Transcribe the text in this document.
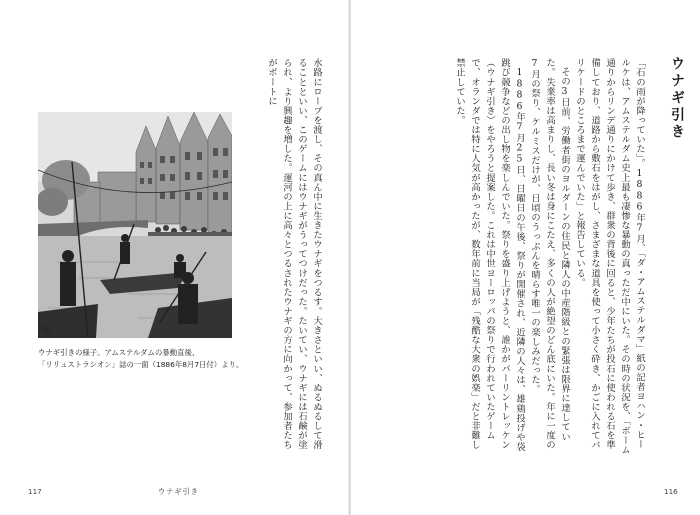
Pb.
ウナギ引きの様子。アムステルダムの暴動直後、
「リリュストラシオン」誌の一面（1886年8月7日付）より。	水路にロープを渡し、その真ん中に生きたウナギをつるす。大きさといい、ぬるぬるして滑ることといい、このゲームにはウナギがうってつけだった。たいてい、ウナギには石鹸が塗られ、より興趣を増した。運河の上に高々とつるされたウナギの方に向かって、参加者たちがボートに

117	ウナギ引き
ウナギ引き

「石の雨が降っていた」。1886年7月、「ダ・アムステルダマ」紙の記者ヨハン・ヒールケは、アムステルダム史上最も凄惨な暴動の真っただ中にいた。その時の状況を、「ボーム通りからリンデ通りにかけて歩き、群衆の背後に回ると、少年たちが投石に使われる石を準備しており、道路から敷石をはがし、さまざまな道具を使って小さく砕き、かごに入れてバリケードのところまで運んでいた」と報告している。

その3日前、労働者街のヨルダーンの住民と隣人の中産階級との緊張は限界に達していた。失業率は高まりし、長い冬は身にこたえ、多くの人が絶望のどん底にいた。年に一度の7月の祭り、ケルミスだけが、日頃のうっぷんを晴らす唯一の楽しみだった。

1886年7月25日、日曜日の午後、祭りが開催され、近隣の人々は、雄鶏投げや袋跳び競争などの出し物を楽しんでいた。祭りを盛り上げようと、誰かがパーリントレッケン（ウナギ引き）をやろうと提案した。これは中世ヨーロッパの祭りで行われていたゲームで、オランダでは特に人気が高かったが、数年前に当局が「残酷な大衆の娯楽」だと非難し禁止していた。

116
